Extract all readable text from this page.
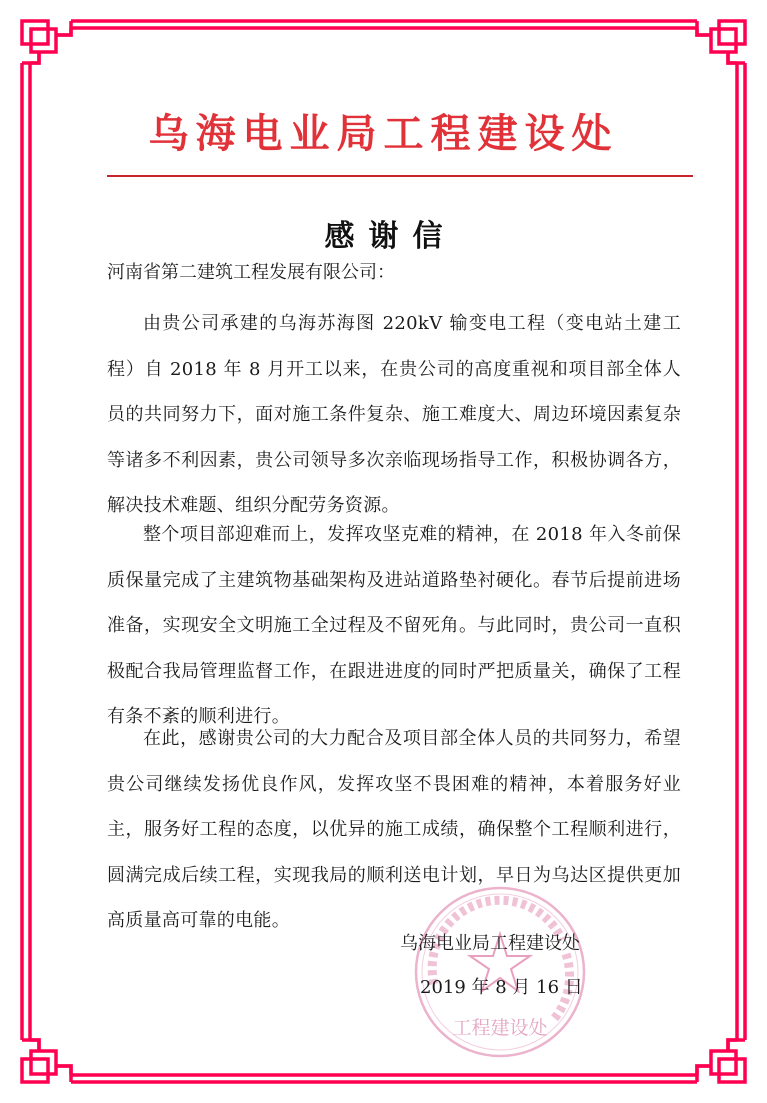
乌海电业局工程建设处
感谢信
河南省第二建筑工程发展有限公司：
由贵公司承建的乌海苏海图 220kV 输变电工程（变电站土建工程）自 2018 年 8 月开工以来，在贵公司的高度重视和项目部全体人员的共同努力下，面对施工条件复杂、施工难度大、周边环境因素复杂等诸多不利因素，贵公司领导多次亲临现场指导工作，积极协调各方，解决技术难题、组织分配劳务资源。
整个项目部迎难而上，发挥攻坚克难的精神，在 2018 年入冬前保质保量完成了主建筑物基础架构及进站道路垫衬硬化。春节后提前进场准备，实现安全文明施工全过程及不留死角。与此同时，贵公司一直积极配合我局管理监督工作，在跟进进度的同时严把质量关，确保了工程有条不紊的顺利进行。
在此，感谢贵公司的大力配合及项目部全体人员的共同努力，希望贵公司继续发扬优良作风，发挥攻坚不畏困难的精神，本着服务好业主，服务好工程的态度，以优异的施工成绩，确保整个工程顺利进行，圆满完成后续工程，实现我局的顺利送电计划，早日为乌达区提供更加高质量高可靠的电能。
工程建设处
乌海电业局工程建设处
2019 年 8 月 16 日
